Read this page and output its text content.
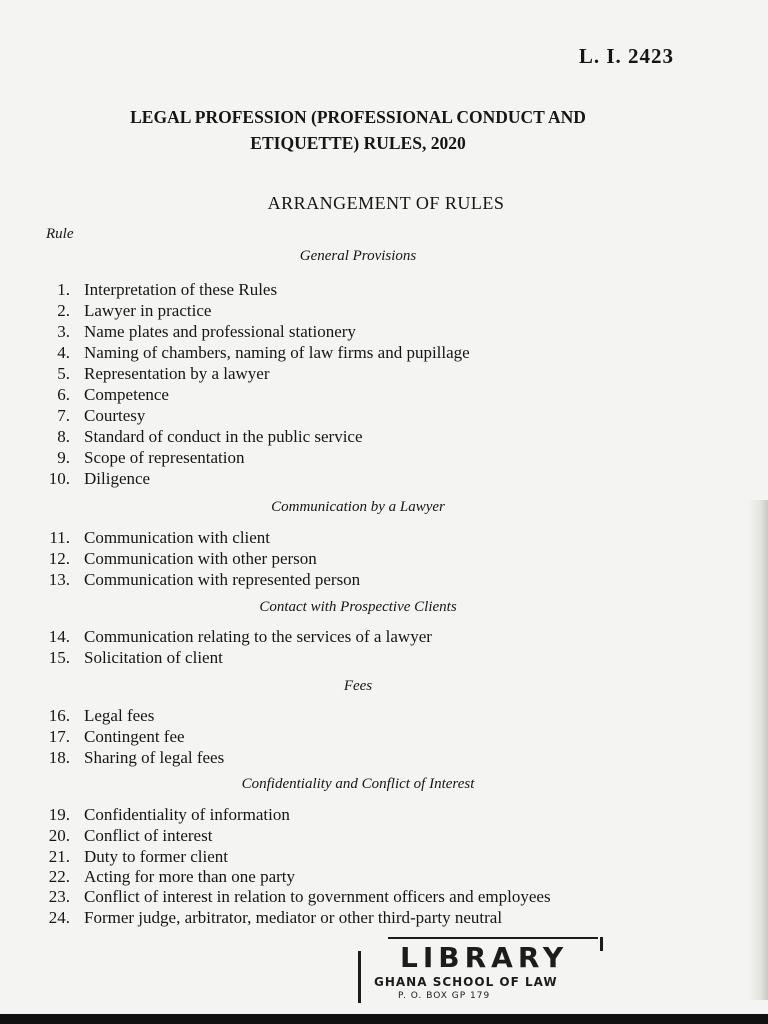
L. I. 2423
LEGAL PROFESSION (PROFESSIONAL CONDUCT AND
ETIQUETTE) RULES, 2020
ARRANGEMENT OF RULES
Rule
General Provisions
1. Interpretation of these Rules
2. Lawyer in practice
3. Name plates and professional stationery
4. Naming of chambers, naming of law firms and pupillage
5. Representation by a lawyer
6. Competence
7. Courtesy
8. Standard of conduct in the public service
9. Scope of representation
10. Diligence
Communication by a Lawyer
11. Communication with client
12. Communication with other person
13. Communication with represented person
Contact with Prospective Clients
14. Communication relating to the services of a lawyer
15. Solicitation of client
Fees
16. Legal fees
17. Contingent fee
18. Sharing of legal fees
Confidentiality and Conflict of Interest
19. Confidentiality of information
20. Conflict of interest
21. Duty to former client
22. Acting for more than one party
23. Conflict of interest in relation to government officers and employees
24. Former judge, arbitrator, mediator or other third-party neutral
LIBRARY
GHANA SCHOOL OF LAW
P. O. BOX GP 179
